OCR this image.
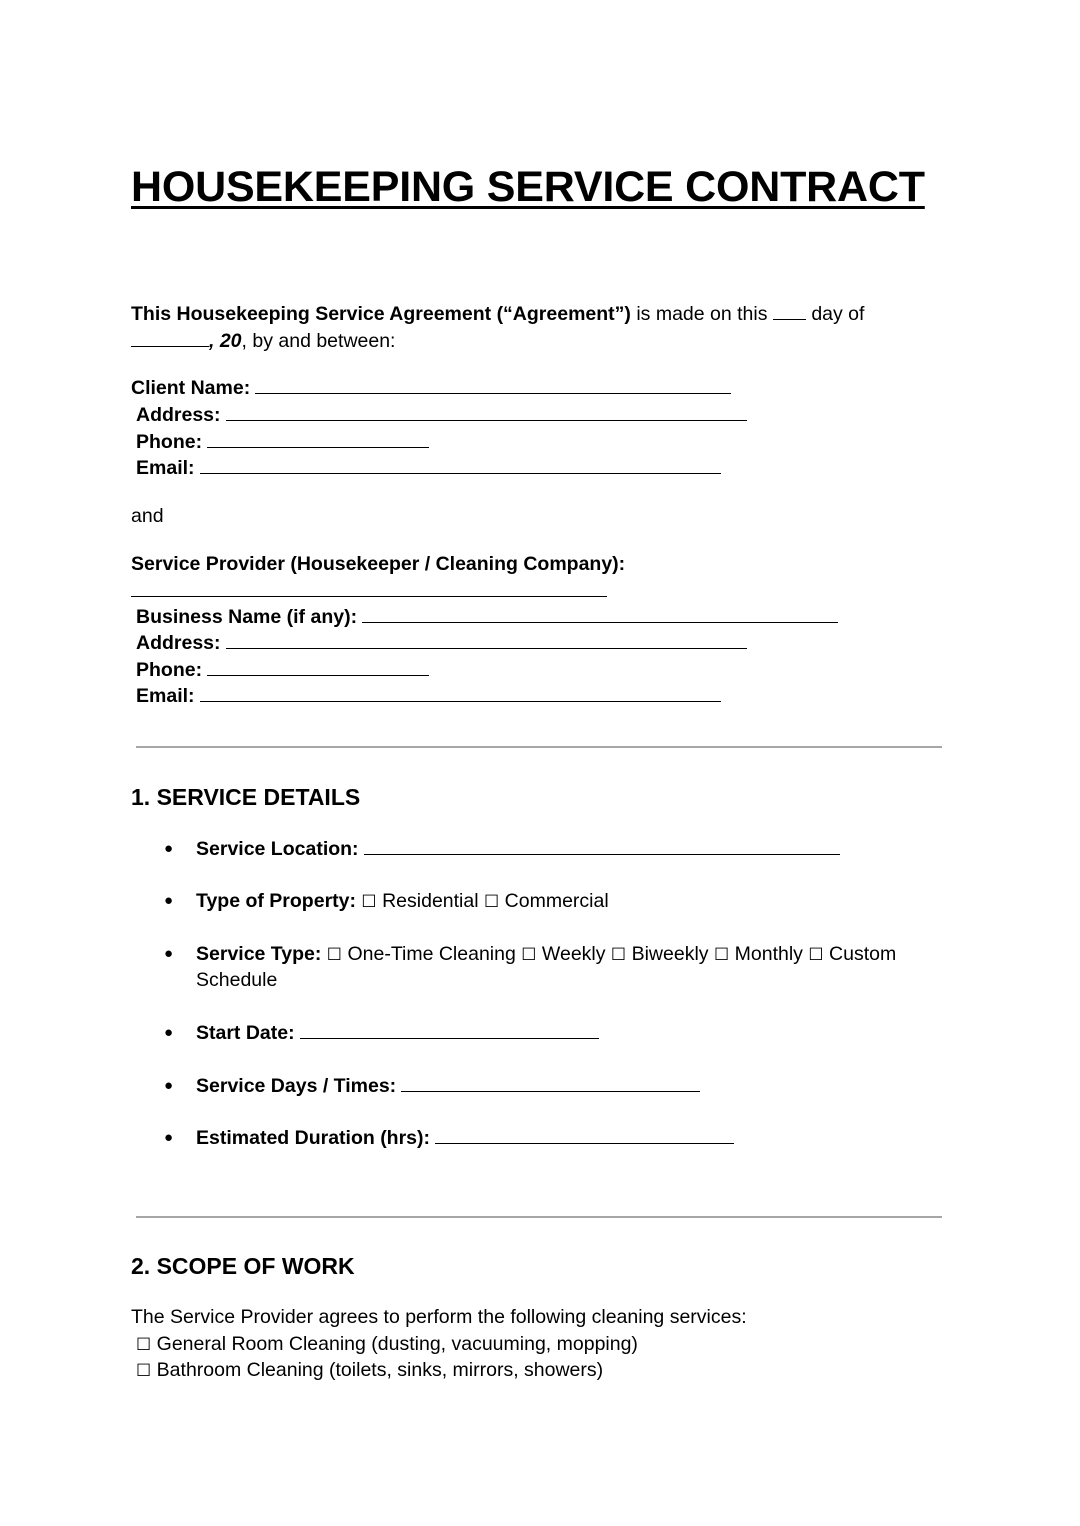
HOUSEKEEPING SERVICE CONTRACT
This Housekeeping Service Agreement (“Agreement”) is made on this  day of
, 20, by and between:
Client Name:
Address:
Phone:
Email:
and
Service Provider (Housekeeper / Cleaning Company):
Business Name (if any):
Address:
Phone:
Email:
1. SERVICE DETAILS
● Service Location:
● Type of Property: ☐ Residential ☐ Commercial
● Service Type: ☐ One-Time Cleaning ☐ Weekly ☐ Biweekly ☐ Monthly ☐ Custom
Schedule
● Start Date:
● Service Days / Times:
● Estimated Duration (hrs):
2. SCOPE OF WORK
The Service Provider agrees to perform the following cleaning services:
☐ General Room Cleaning (dusting, vacuuming, mopping)
☐ Bathroom Cleaning (toilets, sinks, mirrors, showers)
